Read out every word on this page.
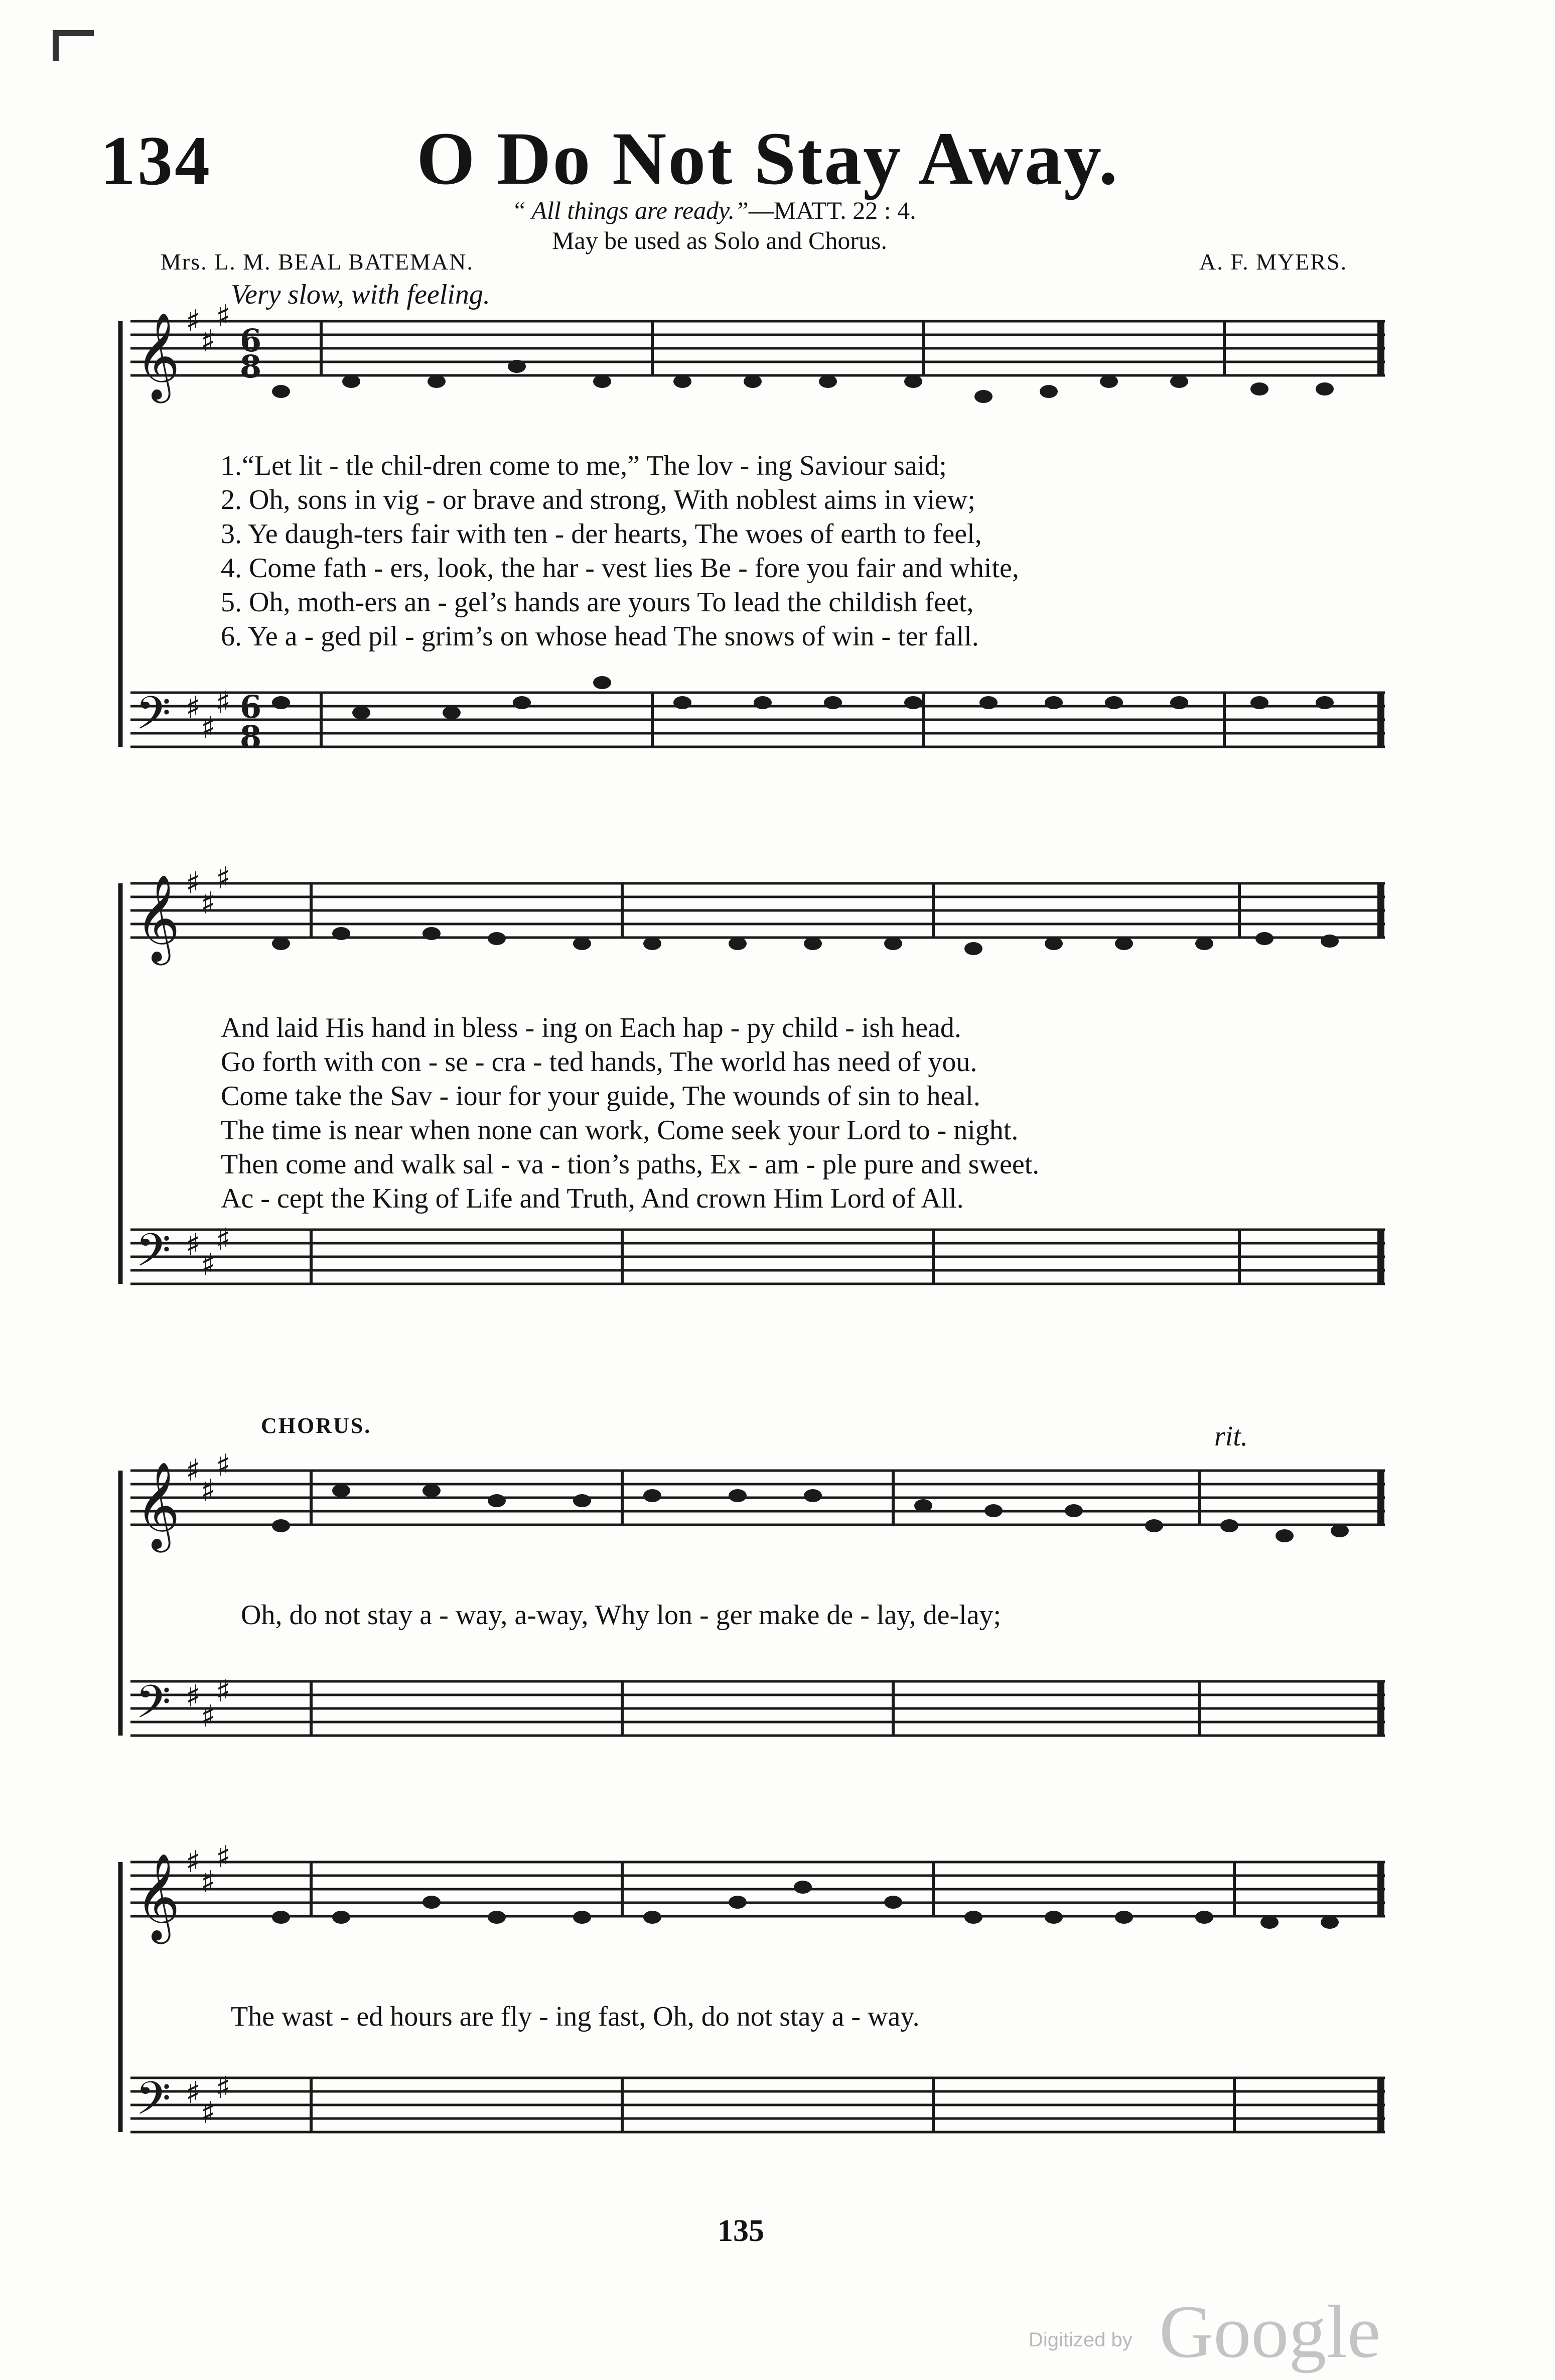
134	O Do Not Stay Away.
“ All things are ready.”—MATT. 22 : 4.
May be used as Solo and Chorus.
Mrs. L. M. BEAL BATEMAN.	A. F. MYERS.
Very slow, with feeling.
𝄞
𝄢
𝄞
𝄢
𝄞
𝄢
𝄞
𝄢
♯
♯
♯
♯
♯
♯
♯
♯
♯
♯
♯
♯
♯
♯
♯
♯
♯
♯
♯
♯
♯
♯
♯
♯
6
8
6
8
1.“Let lit - tle chil-dren come to me,” The lov - ing Saviour said;
2. Oh, sons in vig - or brave and strong, With noblest aims in view;
3. Ye daugh-ters fair with ten - der hearts, The woes of earth to feel,
4. Come fath - ers, look, the har - vest lies Be - fore you fair and white,
5. Oh, moth-ers an - gel’s hands are yours To lead the childish feet,
6. Ye a - ged pil - grim’s on whose head The snows of win - ter fall.
And laid His hand in bless - ing on Each hap - py child - ish head.
Go forth with con - se - cra - ted hands, The world has need of you.
Come take the Sav - iour for your guide, The wounds of sin to heal.
The time is near when none can work, Come seek your Lord to - night.
Then come and walk sal - va - tion’s paths, Ex - am - ple pure and sweet.
Ac - cept the King of Life and Truth, And crown Him Lord of All.
CHORUS.	rit.
Oh, do not stay a - way, a-way, Why lon - ger make de - lay, de-lay;
The wast - ed hours are fly - ing fast, Oh, do not stay a - way.
135
Digitized by Google
